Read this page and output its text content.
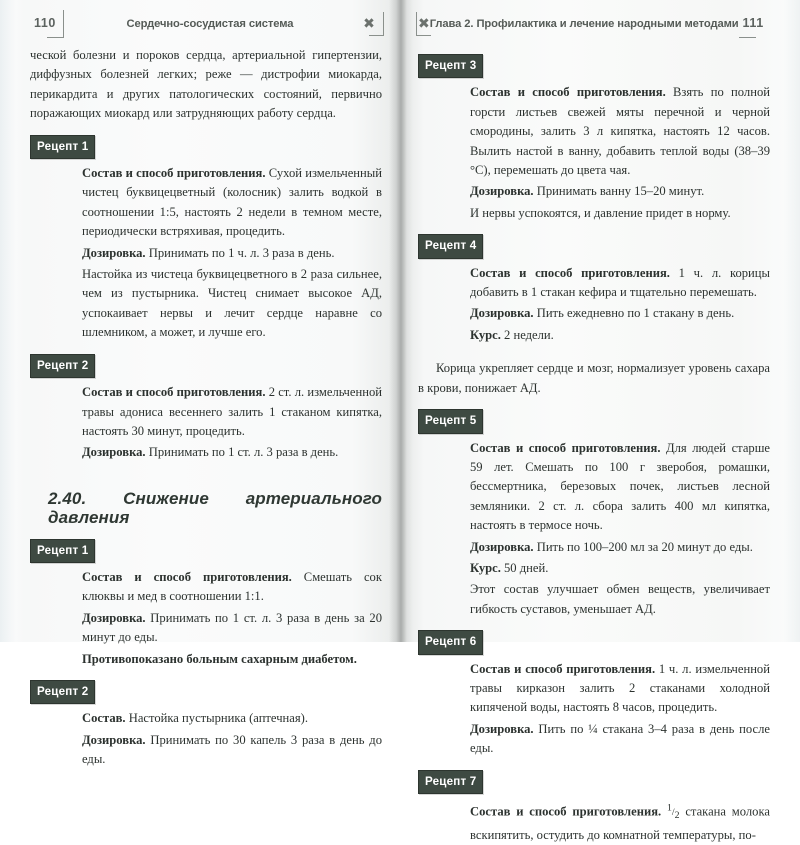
110	Сердечно-сосудистая система	✖

ческой болезни и пороков сердца, артериальной гипертензии, диффузных болезней легких; реже — дистрофии миокарда, перикардита и других патологических состояний, первично поражающих миокард или затрудняющих работу сердца.

Рецепт 1

Состав и способ приготовления. Сухой измельченный чистец буквицецветный (колосник) залить водкой в соотношении 1:5, настоять 2 недели в темном месте, периодически встряхивая, процедить.

Дозировка. Принимать по 1 ч. л. 3 раза в день.

Настойка из чистеца буквицецветного в 2 раза сильнее, чем из пустырника. Чистец снимает высокое АД, успокаивает нервы и лечит сердце наравне со шлемником, а может, и лучше его.

Рецепт 2

Состав и способ приготовления. 2 ст. л. измельченной травы адониса весеннего залить 1 стаканом кипятка, настоять 30 минут, процедить.

Дозировка. Принимать по 1 ст. л. 3 раза в день.

2.40. Снижение артериального давления
Рецепт 1

Состав и способ приготовления. Смешать сок клюквы и мед в соотношении 1:1.

Дозировка. Принимать по 1 ст. л. 3 раза в день за 20 минут до еды.

Противопоказано больным сахарным диабетом.

Рецепт 2

Состав. Настойка пустырника (аптечная).

Дозировка. Принимать по 30 капель 3 раза в день до еды.

✖ Глава 2. Профилактика и лечение народными методами 111
Рецепт 3

Состав и способ приготовления. Взять по полной горсти листьев свежей мяты перечной и черной смородины, залить 3 л кипятка, настоять 12 часов. Вылить настой в ванну, добавить теплой воды (38–39 °С), перемешать до цвета чая.

Дозировка. Принимать ванну 15–20 минут.

И нервы успокоятся, и давление придет в норму.

Рецепт 4

Состав и способ приготовления. 1 ч. л. корицы добавить в 1 стакан кефира и тщательно перемешать.

Дозировка. Пить ежедневно по 1 стакану в день.

Курс. 2 недели.

Корица укрепляет сердце и мозг, нормализует уровень сахара в крови, понижает АД.

Рецепт 5

Состав и способ приготовления. Для людей старше 59 лет. Смешать по 100 г зверобоя, ромашки, бессмертника, березовых почек, листьев лесной земляники. 2 ст. л. сбора залить 400 мл кипятка, настоять в термосе ночь.

Дозировка. Пить по 100–200 мл за 20 минут до еды.

Курс. 50 дней.

Этот состав улучшает обмен веществ, увеличивает гибкость суставов, уменьшает АД.

Рецепт 6

Состав и способ приготовления. 1 ч. л. измельченной травы кирказон залить 2 стаканами холодной кипяченой воды, настоять 8 часов, процедить.

Дозировка. Пить по ¼ стакана 3–4 раза в день после еды.

Рецепт 7

Состав и способ приготовления. $^1/_2$ стакана молока вскипятить, остудить до комнатной температуры, по-
